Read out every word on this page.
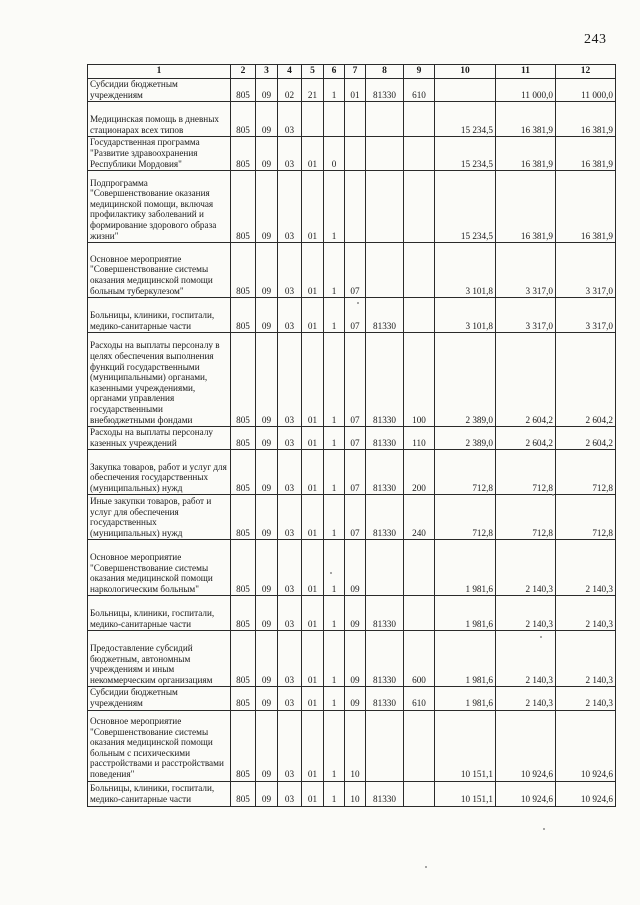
243
1	2	3	4	5	6	7	8	9	10	11	12
Субсидии бюджетным учреждениям	805	09	02	21	1	01	81330	610		11 000,0	11 000,0
Медицинская помощь в дневных стационарах всех типов	805	09	03						15 234,5	16 381,9	16 381,9
Государственная программа "Развитие здравоохранения Республики Мордовия"	805	09	03	01	0				15 234,5	16 381,9	16 381,9
Подпрограмма "Совершенствование оказания медицинской помощи, включая профилактику заболеваний и формирование здорового образа жизни"	805	09	03	01	1				15 234,5	16 381,9	16 381,9
Основное мероприятие "Совершенствование системы оказания медицинской помощи больным туберкулезом"	805	09	03	01	1	07			3 101,8	3 317,0	3 317,0
Больницы, клиники, госпитали, медико-санитарные части	805	09	03	01	1	07	81330		3 101,8	3 317,0	3 317,0
Расходы на выплаты персоналу в целях обеспечения выполнения функций государственными (муниципальными) органами, казенными учреждениями, органами управления государственными внебюджетными фондами	805	09	03	01	1	07	81330	100	2 389,0	2 604,2	2 604,2
Расходы на выплаты персоналу казенных учреждений	805	09	03	01	1	07	81330	110	2 389,0	2 604,2	2 604,2
Закупка товаров, работ и услуг для обеспечения государственных (муниципальных) нужд	805	09	03	01	1	07	81330	200	712,8	712,8	712,8
Иные закупки товаров, работ и услуг для обеспечения государственных (муниципальных) нужд	805	09	03	01	1	07	81330	240	712,8	712,8	712,8
Основное мероприятие "Совершенствование системы оказания медицинской помощи наркологическим больным"	805	09	03	01	1	09			1 981,6	2 140,3	2 140,3
Больницы, клиники, госпитали, медико-санитарные части	805	09	03	01	1	09	81330		1 981,6	2 140,3	2 140,3
Предоставление субсидий бюджетным, автономным учреждениям и иным некоммерческим организациям	805	09	03	01	1	09	81330	600	1 981,6	2 140,3	2 140,3
Субсидии бюджетным учреждениям	805	09	03	01	1	09	81330	610	1 981,6	2 140,3	2 140,3
Основное мероприятие "Совершенствование системы оказания медицинской помощи больным с психическими расстройствами и расстройствами поведения"	805	09	03	01	1	10			10 151,1	10 924,6	10 924,6
Больницы, клиники, госпитали, медико-санитарные части	805	09	03	01	1	10	81330		10 151,1	10 924,6	10 924,6
